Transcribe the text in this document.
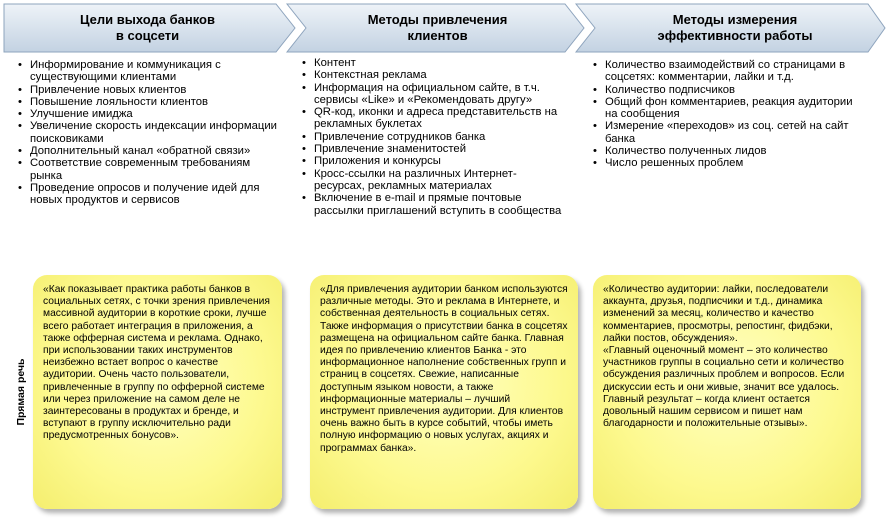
Цели выхода банков
в соцсети
Методы привлечения
клиентов
Методы измерения
эффективности работы
• Информирование и коммуникация с существующими клиентами
• Привлечение новых клиентов
• Повышение лояльности клиентов
• Улучшение имиджа
• Увеличение скорость индексации информации поисковиками
• Дополнительный канал «обратной связи»
• Соответствие современным требованиям рынка
• Проведение опросов и получение идей для новых продуктов и сервисов
• Контент
• Контекстная реклама
• Информация на официальном сайте, в т.ч. сервисы «Like» и «Рекомендовать другу»
• QR-код, иконки и адреса представительств на рекламных буклетах
• Привлечение сотрудников банка
• Привлечение знаменитостей
• Приложения и конкурсы
• Кросс-ссылки на различных Интернет-ресурсах, рекламных материалах
• Включение в e-mail и прямые почтовые рассылки приглашений вступить в сообщества
• Количество взаимодействий со страницами в соцсетях: комментарии, лайки и т.д.
• Количество подписчиков
• Общий фон комментариев, реакция аудитории на сообщения
• Измерение «переходов» из соц. сетей на сайт банка
• Количество полученных лидов
• Число решенных проблем
Прямая речь
«Как показывает практика работы банков в социальных сетях, с точки зрения привлечения массивной аудитории в короткие сроки, лучше всего работает интеграция в приложения, а также офферная система и реклама. Однако, при использовании таких инструментов неизбежно встает вопрос о качестве аудитории. Очень часто пользователи, привлеченные в группу по офферной системе или через приложение на самом деле не заинтересованы в продуктах и бренде, и вступают в группу исключительно ради предусмотренных бонусов».
«Для привлечения аудитории банком используются различные методы. Это и реклама в Интернете, и собственная деятельность в социальных сетях. Также информация о присутствии банка в соцсетях размещена на официальном сайте банка. Главная идея по привлечению клиентов Банка - это информационное наполнение собственных групп и страниц в соцсетях. Свежие, написанные доступным языком новости, а также информационные материалы – лучший инструмент привлечения аудитории. Для клиентов очень важно быть в курсе событий, чтобы иметь полную информацию о новых услугах, акциях и программах банка».
«Количество аудитории: лайки, последователи аккаунта, друзья, подписчики и т.д., динамика изменений за месяц, количество и качество комментариев, просмотры, репостинг, фидбэки, лайки постов, обсуждения».
«Главный оценочный момент – это количество участников группы в социально сети и количество обсуждения различных проблем и вопросов. Если дискуссии есть и они живые, значит все удалось. Главный результат – когда клиент остается довольный нашим сервисом и пишет нам благодарности и положительные отзывы».
